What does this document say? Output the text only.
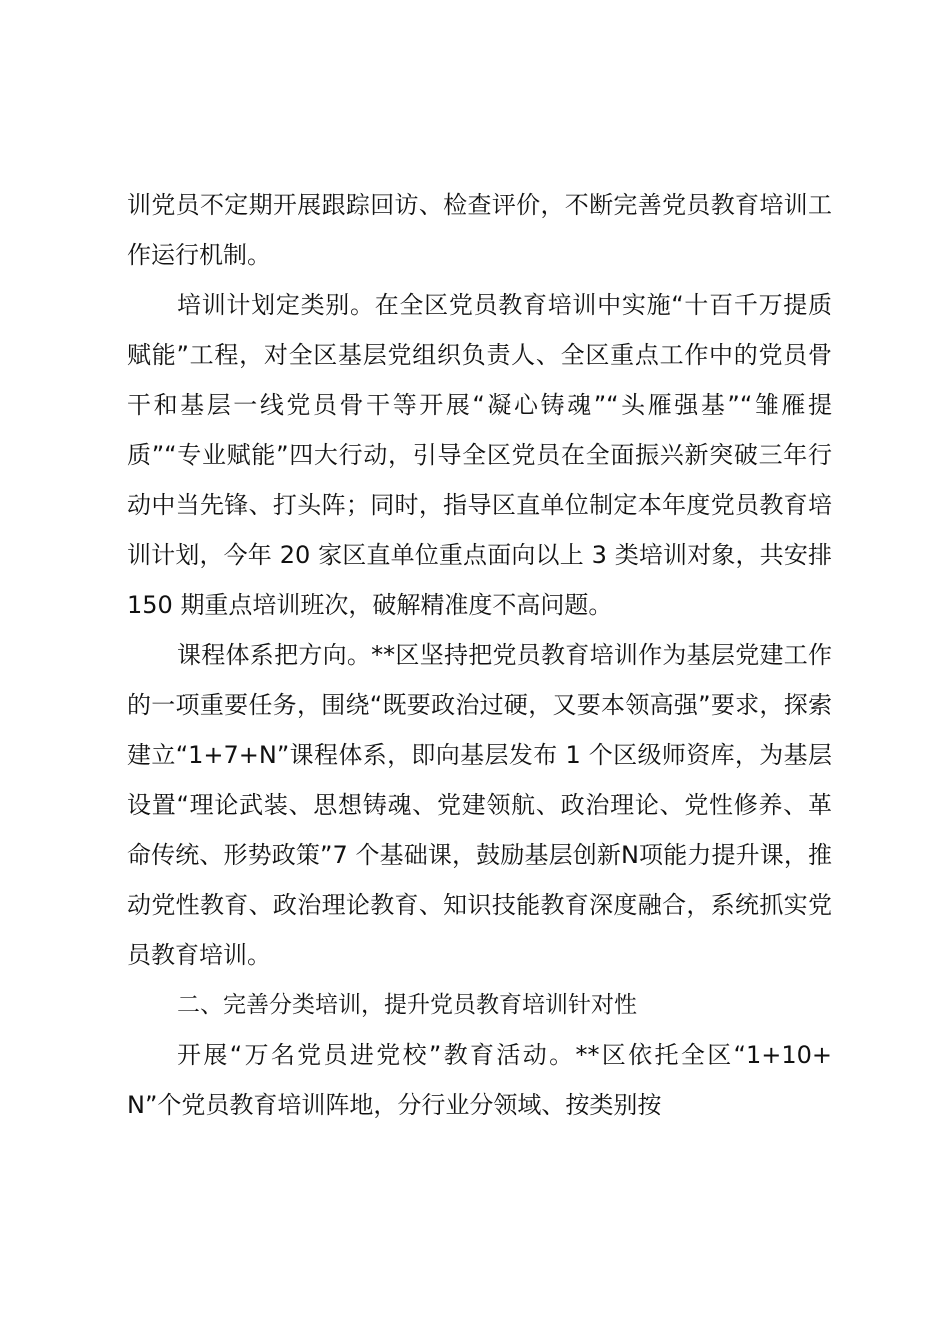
训党员不定期开展跟踪回访、检查评价，不断完善党员教育培训工作运行机制。

培训计划定类别。在全区党员教育培训中实施“十百千万提质赋能”工程，对全区基层党组织负责人、全区重点工作中的党员骨干和基层一线党员骨干等开展“凝心铸魂”“头雁强基”“雏雁提质”“专业赋能”四大行动，引导全区党员在全面振兴新突破三年行动中当先锋、打头阵；同时，指导区直单位制定本年度党员教育培训计划，今年 20 家区直单位重点面向以上 3 类培训对象，共安排 150 期重点培训班次，破解精准度不高问题。

课程体系把方向。**区坚持把党员教育培训作为基层党建工作的一项重要任务，围绕“既要政治过硬，又要本领高强”要求，探索建立“1+7+N”课程体系，即向基层发布 1 个区级师资库，为基层设置“理论武装、思想铸魂、党建领航、政治理论、党性修养、革命传统、形势政策”7 个基础课，鼓励基层创新N项能力提升课，推动党性教育、政治理论教育、知识技能教育深度融合，系统抓实党员教育培训。

二、完善分类培训，提升党员教育培训针对性

开展“万名党员进党校”教育活动。**区依托全区“1+10+N”个党员教育培训阵地，分行业分领域、按类别按
